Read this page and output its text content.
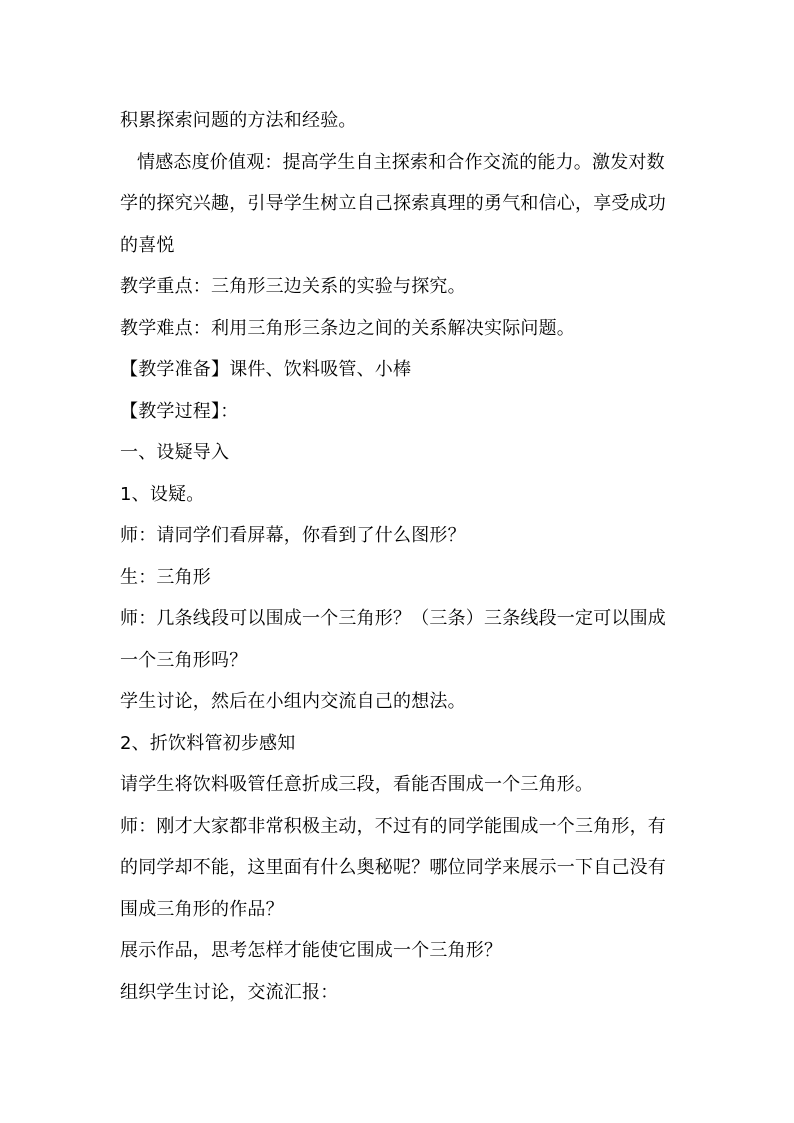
积累探索问题的方法和经验。
情感态度价值观：提高学生自主探索和合作交流的能力。激发对数
学的探究兴趣，引导学生树立自己探索真理的勇气和信心，享受成功
的喜悦
教学重点：三角形三边关系的实验与探究。
教学难点：利用三角形三条边之间的关系解决实际问题。
【教学准备】课件、饮料吸管、小棒
【教学过程】：
一、设疑导入
1、设疑。
师：请同学们看屏幕，你看到了什么图形？
生：三角形
师：几条线段可以围成一个三角形？（三条）三条线段一定可以围成
一个三角形吗？
学生讨论，然后在小组内交流自己的想法。
2、折饮料管初步感知
请学生将饮料吸管任意折成三段，看能否围成一个三角形。
师：刚才大家都非常积极主动，不过有的同学能围成一个三角形，有
的同学却不能，这里面有什么奥秘呢？哪位同学来展示一下自己没有
围成三角形的作品？
展示作品，思考怎样才能使它围成一个三角形？
组织学生讨论，交流汇报：
